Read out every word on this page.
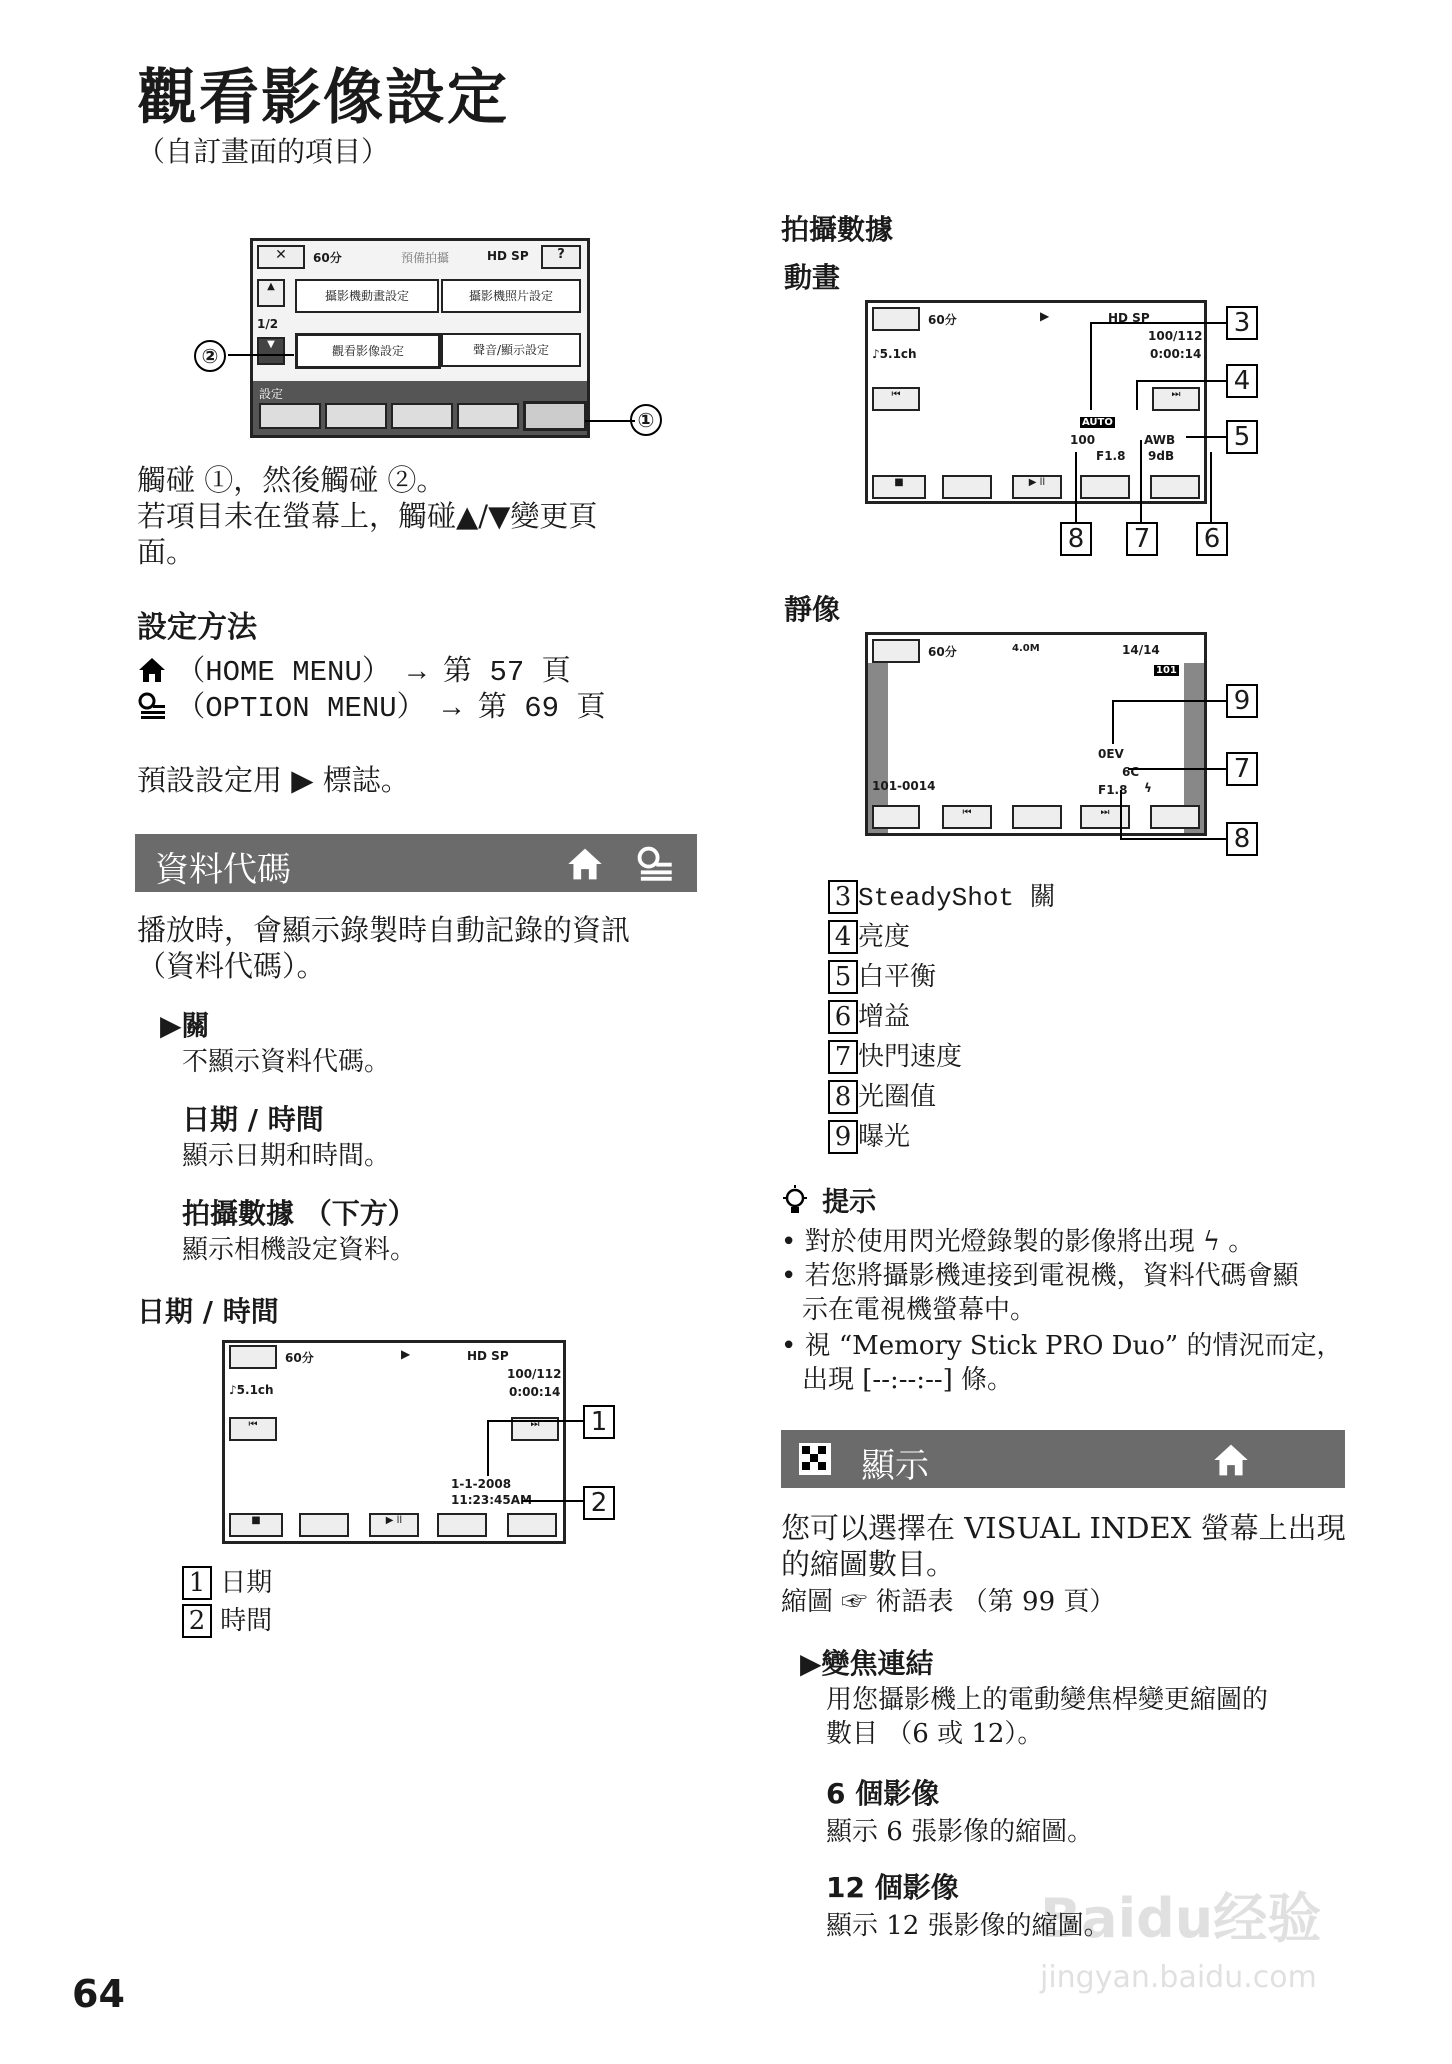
觀看影像設定
（自訂畫面的項目）
✕	60分	預備拍攝	HD SP	?
▲
1/2
▼
攝影機動畫設定	攝影機照片設定
觀看影像設定	聲音/顯示設定
設定
①
②
觸碰 ①，然後觸碰 ②。
若項目未在螢幕上，觸碰▲/▼變更頁
面。
設定方法
（HOME MENU） → 第 57 頁
（OPTION MENU） → 第 69 頁
預設設定用 ▶ 標誌。
資料代碼
播放時，會顯示錄製時自動記錄的資訊
（資料代碼）。
▶關
不顯示資料代碼。
日期 / 時間
顯示日期和時間。
拍攝數據 （下方）
顯示相機設定資料。
日期 / 時間
60分	▶	HD SP
100/112
0:00:14
♪5.1ch
⏮	⏭
1-1-2008
11:23:45AM
■	▶ ll
1
2
1 日期
2 時間
拍攝數據
動畫
60分	▶	HD SP
100/112
0:00:14
♪5.1ch
⏮	⏭
AUTO
100	AWB
F1.8 9dB
■	▶ ll
3
4
5
8 7 6
靜像
60分	4.0M	14/14
101
0EV
6C
F1.8 ϟ
101-0014
⏮	⏭
9
7
8
3 SteadyShot 關
4 亮度
5 白平衡
6 增益
7 快門速度
8 光圈值
9 曝光
提示
• 對於使用閃光燈錄製的影像將出現 ϟ 。
• 若您將攝影機連接到電視機，資料代碼會顯
示在電視機螢幕中。
• 視 “Memory Stick PRO Duo” 的情況而定，
出現 [--:--:--] 條。
顯示
您可以選擇在 VISUAL INDEX 螢幕上出現
的縮圖數目。
縮圖 ☞ 術語表 （第 99 頁）
▶變焦連結
用您攝影機上的電動變焦桿變更縮圖的
數目 （6 或 12）。
6 個影像
顯示 6 張影像的縮圖。
12 個影像
顯示 12 張影像的縮圖。
64
Baidu经验
jingyan.baidu.com
